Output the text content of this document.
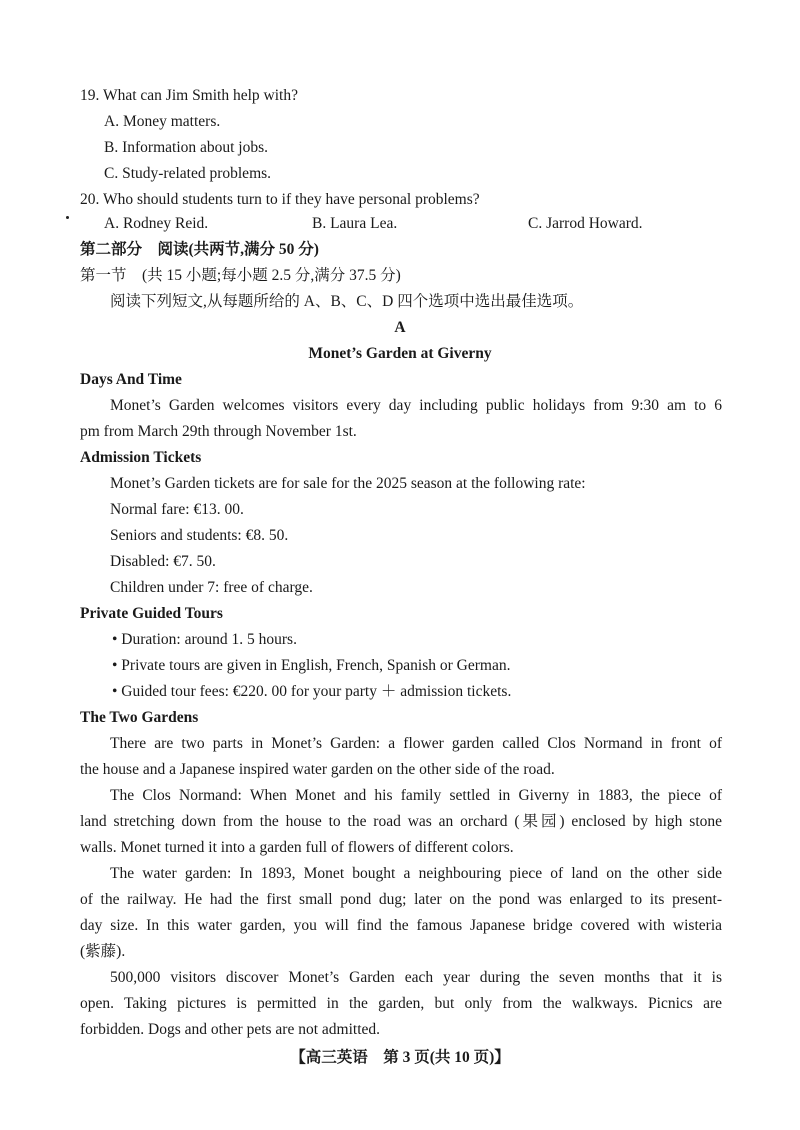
19. What can Jim Smith help with?
A. Money matters.
B. Information about jobs.
C. Study-related problems.
20. Who should students turn to if they have personal problems?
A. Rodney Reid.	B. Laura Lea.	C. Jarrod Howard.
第二部分　阅读(共两节,满分 50 分)
第一节　(共 15 小题;每小题 2.5 分,满分 37.5 分)
阅读下列短文,从每题所给的 A、B、C、D 四个选项中选出最佳选项。
A
Monet’s Garden at Giverny
Days And Time
Monet’s Garden welcomes visitors every day including public holidays from 9:30 am to 6
pm from March 29th through November 1st.
Admission Tickets
Monet’s Garden tickets are for sale for the 2025 season at the following rate:
Normal fare: €13. 00.
Seniors and students: €8. 50.
Disabled: €7. 50.
Children under 7: free of charge.
Private Guided Tours
• Duration: around 1. 5 hours.
• Private tours are given in English, French, Spanish or German.
• Guided tour fees: €220. 00 for your party ＋ admission tickets.
The Two Gardens
There are two parts in Monet’s Garden: a flower garden called Clos Normand in front of
the house and a Japanese inspired water garden on the other side of the road.
The Clos Normand: When Monet and his family settled in Giverny in 1883, the piece of
land stretching down from the house to the road was an orchard (果园) enclosed by high stone
walls. Monet turned it into a garden full of flowers of different colors.
The water garden: In 1893, Monet bought a neighbouring piece of land on the other side
of the railway. He had the first small pond dug; later on the pond was enlarged to its present-
day size. In this water garden, you will find the famous Japanese bridge covered with wisteria
(紫藤).
500,000 visitors discover Monet’s Garden each year during the seven months that it is
open. Taking pictures is permitted in the garden, but only from the walkways. Picnics are
forbidden. Dogs and other pets are not admitted.
【高三英语　第 3 页(共 10 页)】
